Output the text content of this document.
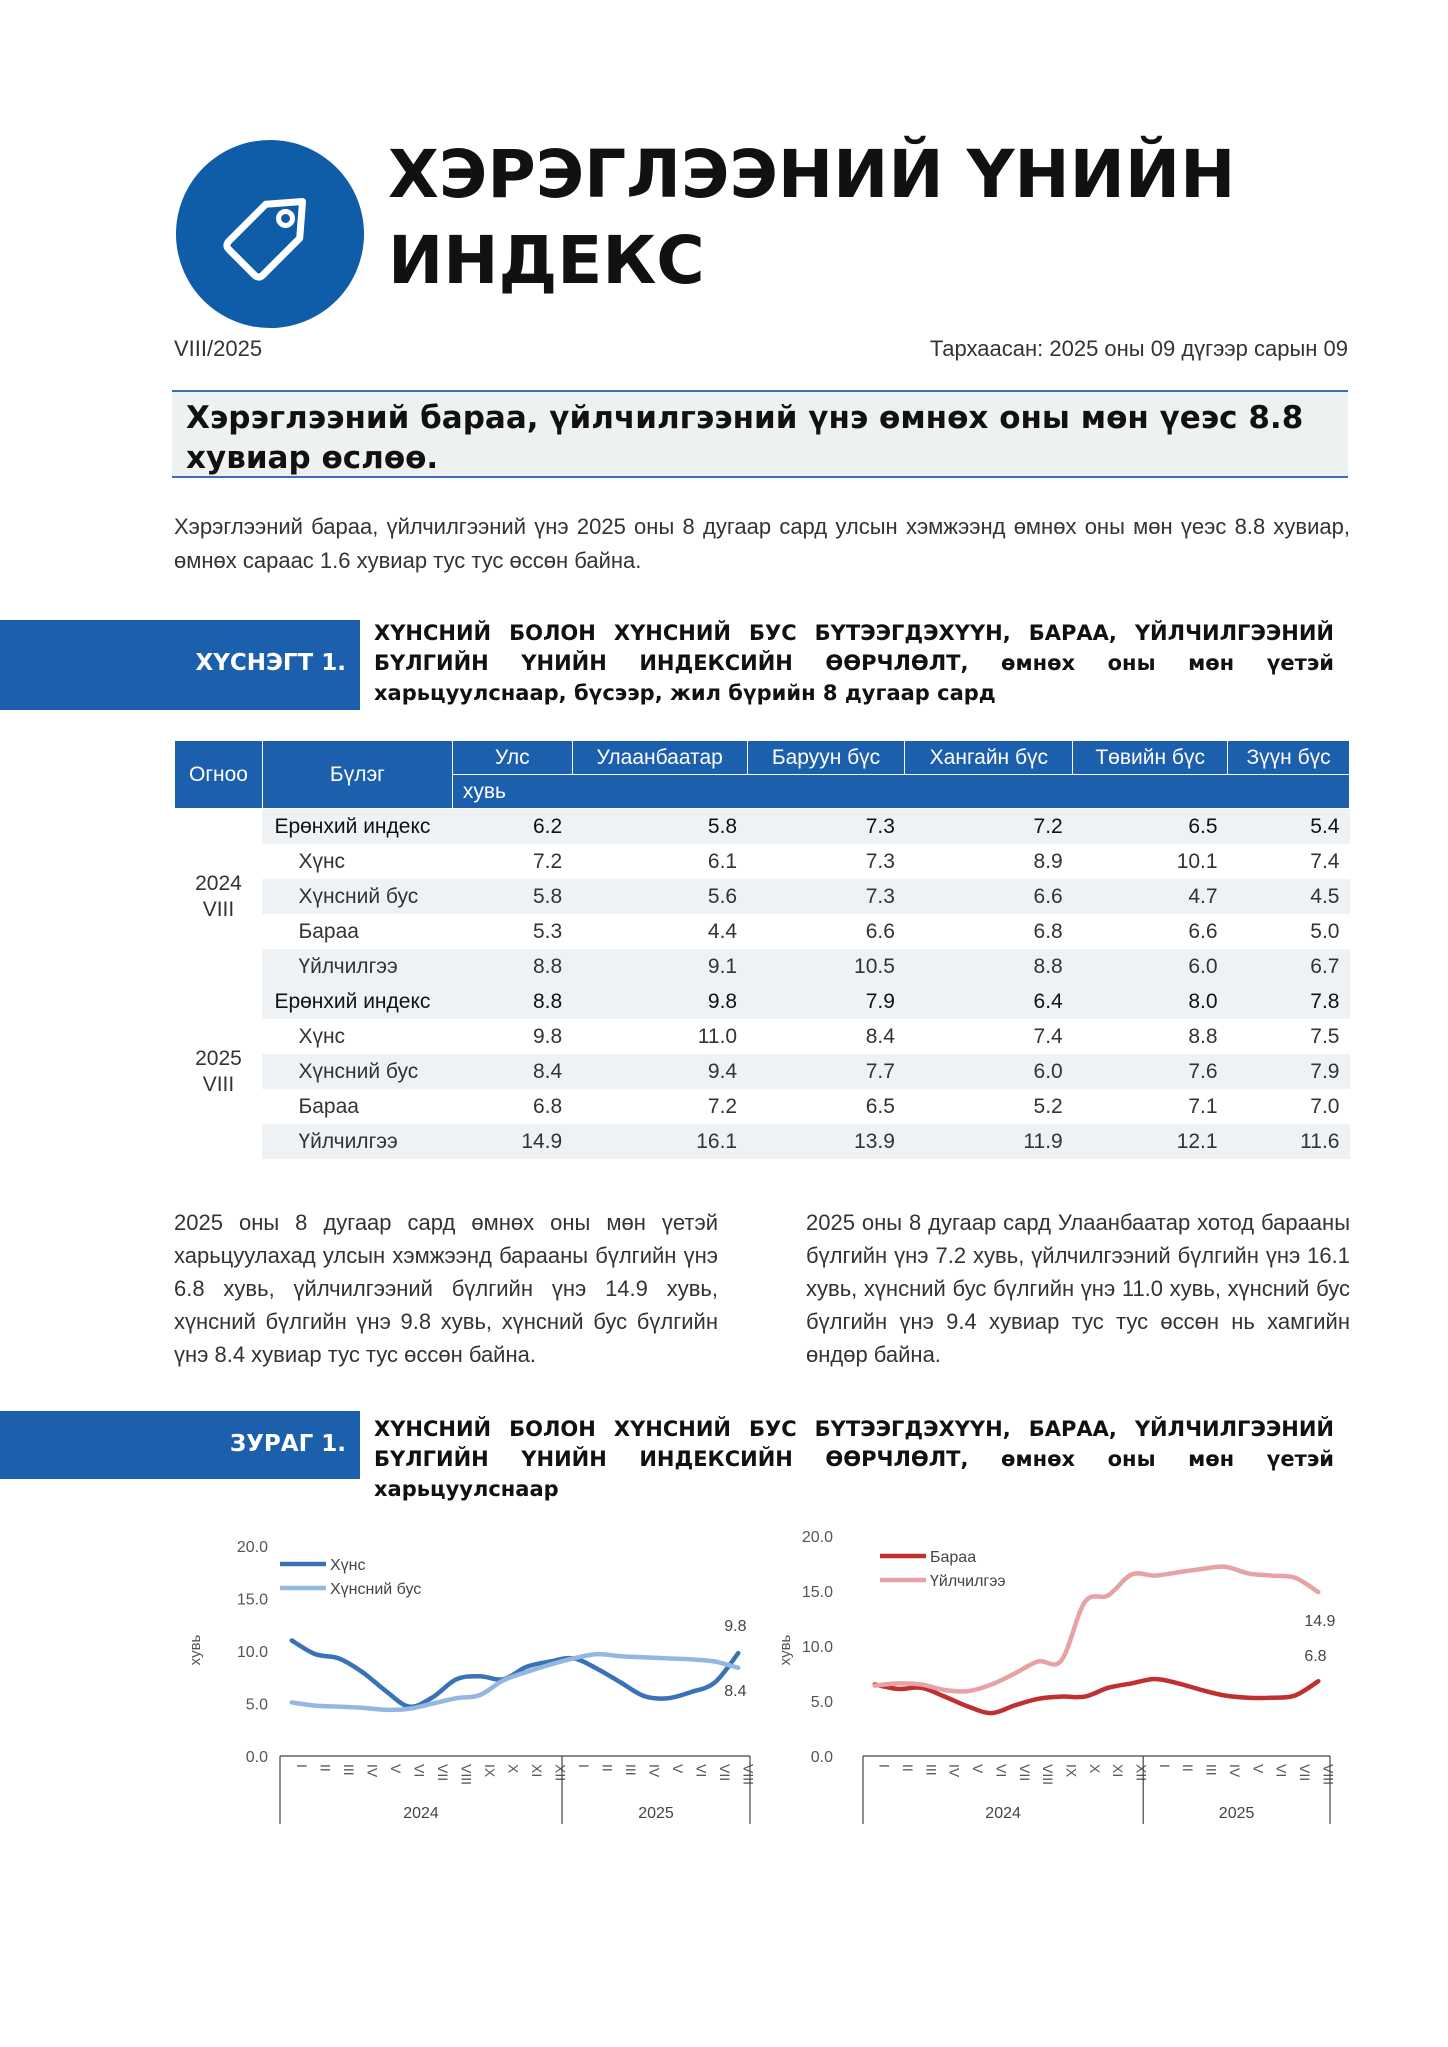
ХЭРЭГЛЭЭНИЙ ҮНИЙН
ИНДЕКС
VIII/2025	Тархаасан: 2025 оны 09 дүгээр сарын 09
Хэрэглээний бараа, үйлчилгээний үнэ өмнөх оны мөн үеэс 8.8 хувиар өслөө.
Хэрэглээний бараа, үйлчилгээний үнэ 2025 оны 8 дугаар сард улсын хэмжээнд өмнөх оны мөн үеэс 8.8 хувиар, өмнөх сараас 1.6 хувиар тус тус өссөн байна.
ХҮСНЭГТ 1.
ХҮНСНИЙ БОЛОН ХҮНСНИЙ БУС БҮТЭЭГДЭХҮҮН, БАРАА, ҮЙЛЧИЛГЭЭНИЙ БҮЛГИЙН ҮНИЙН ИНДЕКСИЙН ӨӨРЧЛӨЛТ, өмнөх оны мөн үетэй харьцуулснаар, бүсээр, жил бүрийн 8 дугаар сард
Огноо	Бүлэг	Улс	Улаанбаатар	Баруун бүс	Хангайн бүс	Төвийн бүс	Зүүн бүс
		хувь					
2024
VIII	Ерөнхий индекс	6.2	5.8	7.3	7.2	6.5	5.4
	Хүнс	7.2	6.1	7.3	8.9	10.1	7.4
	Хүнсний бус	5.8	5.6	7.3	6.6	4.7	4.5
	Бараа	5.3	4.4	6.6	6.8	6.6	5.0
	Үйлчилгээ	8.8	9.1	10.5	8.8	6.0	6.7
2025
VIII	Ерөнхий индекс	8.8	9.8	7.9	6.4	8.0	7.8
	Хүнс	9.8	11.0	8.4	7.4	8.8	7.5
	Хүнсний бус	8.4	9.4	7.7	6.0	7.6	7.9
	Бараа	6.8	7.2	6.5	5.2	7.1	7.0
	Үйлчилгээ	14.9	16.1	13.9	11.9	12.1	11.6
2025 оны 8 дугаар сард өмнөх оны мөн үетэй харьцуулахад улсын хэмжээнд барааны бүлгийн үнэ 6.8 хувь, үйлчилгээний бүлгийн үнэ 14.9 хувь, хүнсний бүлгийн үнэ 9.8 хувь, хүнсний бус бүлгийн үнэ 8.4 хувиар тус тус өссөн байна.
2025 оны 8 дугаар сард Улаанбаатар хотод барааны бүлгийн үнэ 7.2 хувь, үйлчилгээний бүлгийн үнэ 16.1 хувь, хүнсний бус бүлгийн үнэ 11.0 хувь, хүнсний бус бүлгийн үнэ 9.4 хувиар тус тус өссөн нь хамгийн өндөр байна.
ЗУРАГ 1.
ХҮНСНИЙ БОЛОН ХҮНСНИЙ БУС БҮТЭЭГДЭХҮҮН, БАРАА, ҮЙЛЧИЛГЭЭНИЙ БҮЛГИЙН ҮНИЙН ИНДЕКСИЙН ӨӨРЧЛӨЛТ, өмнөх оны мөн үетэй харьцуулснаар
0.0
5.0
10.0
15.0
20.0
хувь
I II III IV V VI VII VIII IX X XI XII I II III IV V VI VII VIII
2024	2025
Хүнс
Хүнсний бус
9.8
8.4
0.0
5.0
10.0
15.0
20.0
хувь
I II III IV V VI VII VIII IX X XI XII I II III IV V VI VII VIII
2024	2025
Бараа
Үйлчилгээ
14.9
6.8
